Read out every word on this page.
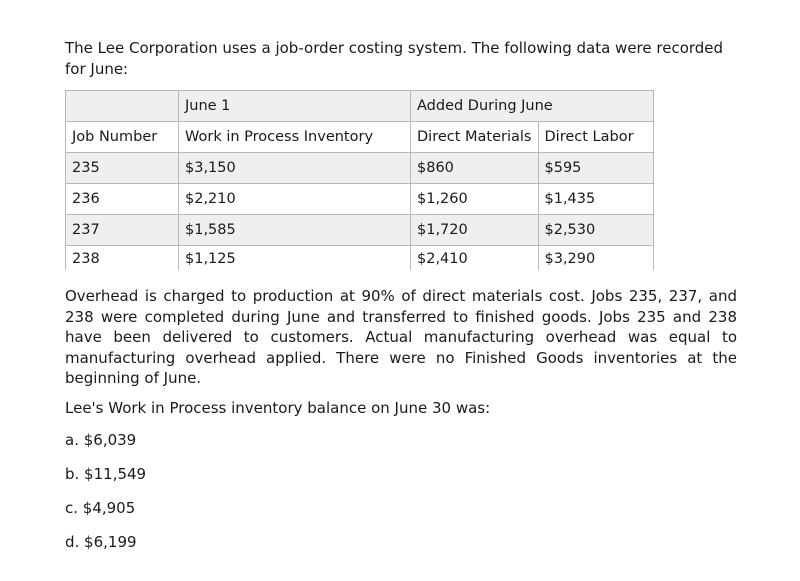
The Lee Corporation uses a job-order costing system. The following data were recorded for June:

	June 1	Added During June	
Job Number	Work in Process Inventory	Direct Materials	Direct Labor
235	$3,150	$860	$595
236	$2,210	$1,260	$1,435
237	$1,585	$1,720	$2,530
238	$1,125	$2,410	$3,290

Overhead is charged to production at 90% of direct materials cost. Jobs 235, 237, and 238 were completed during June and transferred to finished goods. Jobs 235 and 238 have been delivered to customers. Actual manufacturing overhead was equal to manufacturing overhead applied. There were no Finished Goods inventories at the beginning of June.

Lee's Work in Process inventory balance on June 30 was:

a. $6,039
b. $11,549
c. $4,905
d. $6,199
